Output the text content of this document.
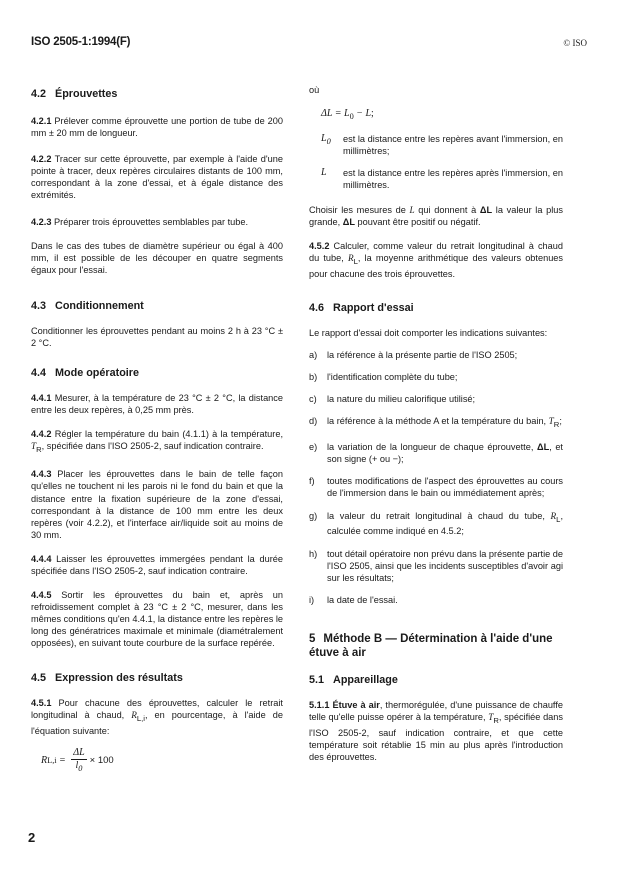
ISO 2505-1:1994(F)	© ISO
4.2 Éprouvettes

4.2.1 Prélever comme éprouvette une portion de tube de 200 mm ± 20 mm de longueur.

4.2.2 Tracer sur cette éprouvette, par exemple à l'aide d'une pointe à tracer, deux repères circulaires distants de 100 mm, correspondant à la zone d'essai, et à égale distance des extrémités.

4.2.3 Préparer trois éprouvettes semblables par tube.

Dans le cas des tubes de diamètre supérieur ou égal à 400 mm, il est possible de les découper en quatre segments égaux pour l'essai.

4.3 Conditionnement

Conditionner les éprouvettes pendant au moins 2 h à 23 °C ± 2 °C.

4.4 Mode opératoire

4.4.1 Mesurer, à la température de 23 °C ± 2 °C, la distance entre les deux repères, à 0,25 mm près.

4.4.2 Régler la température du bain (4.1.1) à la température, $T_R$, spécifiée dans l'ISO 2505-2, sauf indication contraire.

4.4.3 Placer les éprouvettes dans le bain de telle façon qu'elles ne touchent ni les parois ni le fond du bain et que la distance entre la fixation supérieure de la zone d'essai, correspondant à la distance de 100 mm entre les deux repères (voir 4.2.2), et l'interface air/liquide soit au moins de 30 mm.

4.4.4 Laisser les éprouvettes immergées pendant la durée spécifiée dans l'ISO 2505-2, sauf indication contraire.

4.4.5 Sortir les éprouvettes du bain et, après un refroidissement complet à 23 °C ± 2 °C, mesurer, dans les mêmes conditions qu'en 4.4.1, la distance entre les repères le long des génératrices maximale et minimale (diamétralement opposées), en suivant toute courbure de la surface repérée.

4.5 Expression des résultats

4.5.1 Pour chacune des éprouvettes, calculer le retrait longitudinal à chaud, $R_{L,i}$, en pourcentage, à l'aide de l'équation suivante:

R $L,i = \frac{\Delta L}{l_0} \times 100$

où

$\Delta L = L_0 - L$;
$L_0$	est la distance entre les repères avant l'immersion, en millimètres;
L	est la distance entre les repères après l'immersion, en millimètres.

Choisir les mesures de L qui donnent à ΔL la valeur la plus grande, ΔL pouvant être positif ou négatif.

4.5.2 Calculer, comme valeur du retrait longitudinal à chaud du tube, $R_L$, la moyenne arithmétique des valeurs obtenues pour chacune des trois éprouvettes.

4.6 Rapport d'essai

Le rapport d'essai doit comporter les indications suivantes:

a)	la référence à la présente partie de l'ISO 2505;
b)	l'identification complète du tube;
c)	la nature du milieu calorifique utilisé;
d)	la référence à la méthode A et la température du bain, $T_R$;
e)	la variation de la longueur de chaque éprouvette, ΔL, et son signe (+ ou −);
f)	toutes modifications de l'aspect des éprouvettes au cours de l'immersion dans le bain ou immédiatement après;
g)	la valeur du retrait longitudinal à chaud du tube, $R_L$, calculée comme indiqué en 4.5.2;
h)	tout détail opératoire non prévu dans la présente partie de l'ISO 2505, ainsi que les incidents susceptibles d'avoir agi sur les résultats;
i)	la date de l'essai.
5 Méthode B — Détermination à l'aide d'une étuve à air
5.1 Appareillage

5.1.1 Étuve à air, thermorégulée, d'une puissance de chauffe telle qu'elle puisse opérer à la température, $T_R$, spécifiée dans l'ISO 2505-2, sauf indication contraire, et que cette température soit rétablie 15 min au plus après l'introduction des éprouvettes.

2
